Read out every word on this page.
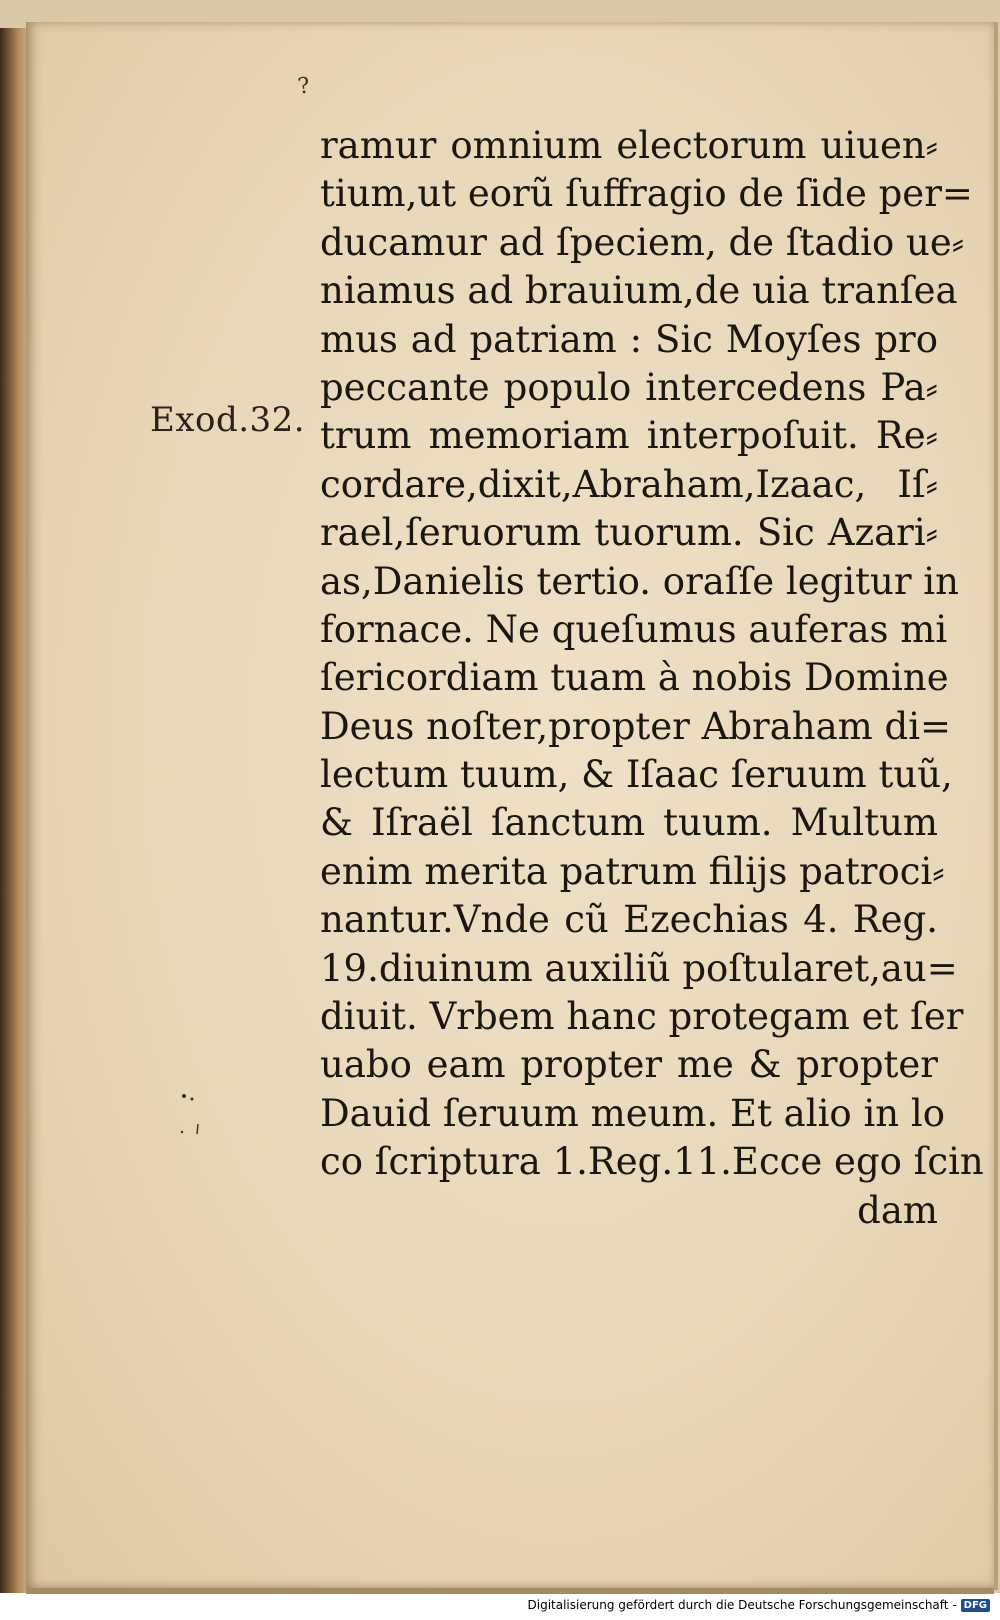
?
Exod.32.
ramur omnium electorum uiuen⸗
tium,ut eorũ ſuffragio de ſide per=
ducamur ad ſpeciem, de ſtadio ue⸗
niamus ad brauium,de uia tranſea
mus ad patriam : Sic Moyſes pro
peccante populo intercedens Pa⸗
trum memoriam interpoſuit. Re⸗
cordare,dixit,Abraham,Izaac, Iſ⸗
rael,ſeruorum tuorum. Sic Azari⸗
as,Danielis tertio. oraſſe legitur in
fornace. Ne queſumus auferas mi
ſericordiam tuam à nobis Domine
Deus noſter,propter Abraham di=
lectum tuum, & Iſaac ſeruum tuũ,
& Iſraël ſanctum tuum. Multum
enim merita patrum filijs patroci⸗
nantur.Vnde cũ Ezechias 4. Reg.
19.diuinum auxiliũ poſtularet,au=
diuit. Vrbem hanc protegam et ſer
uabo eam propter me & propter
Dauid ſeruum meum. Et alio in lo
co ſcriptura 1.Reg.11.Ecce ego ſcin
dam
Digitalisierung gefördert durch die Deutsche Forschungsgemeinschaft - DFG
